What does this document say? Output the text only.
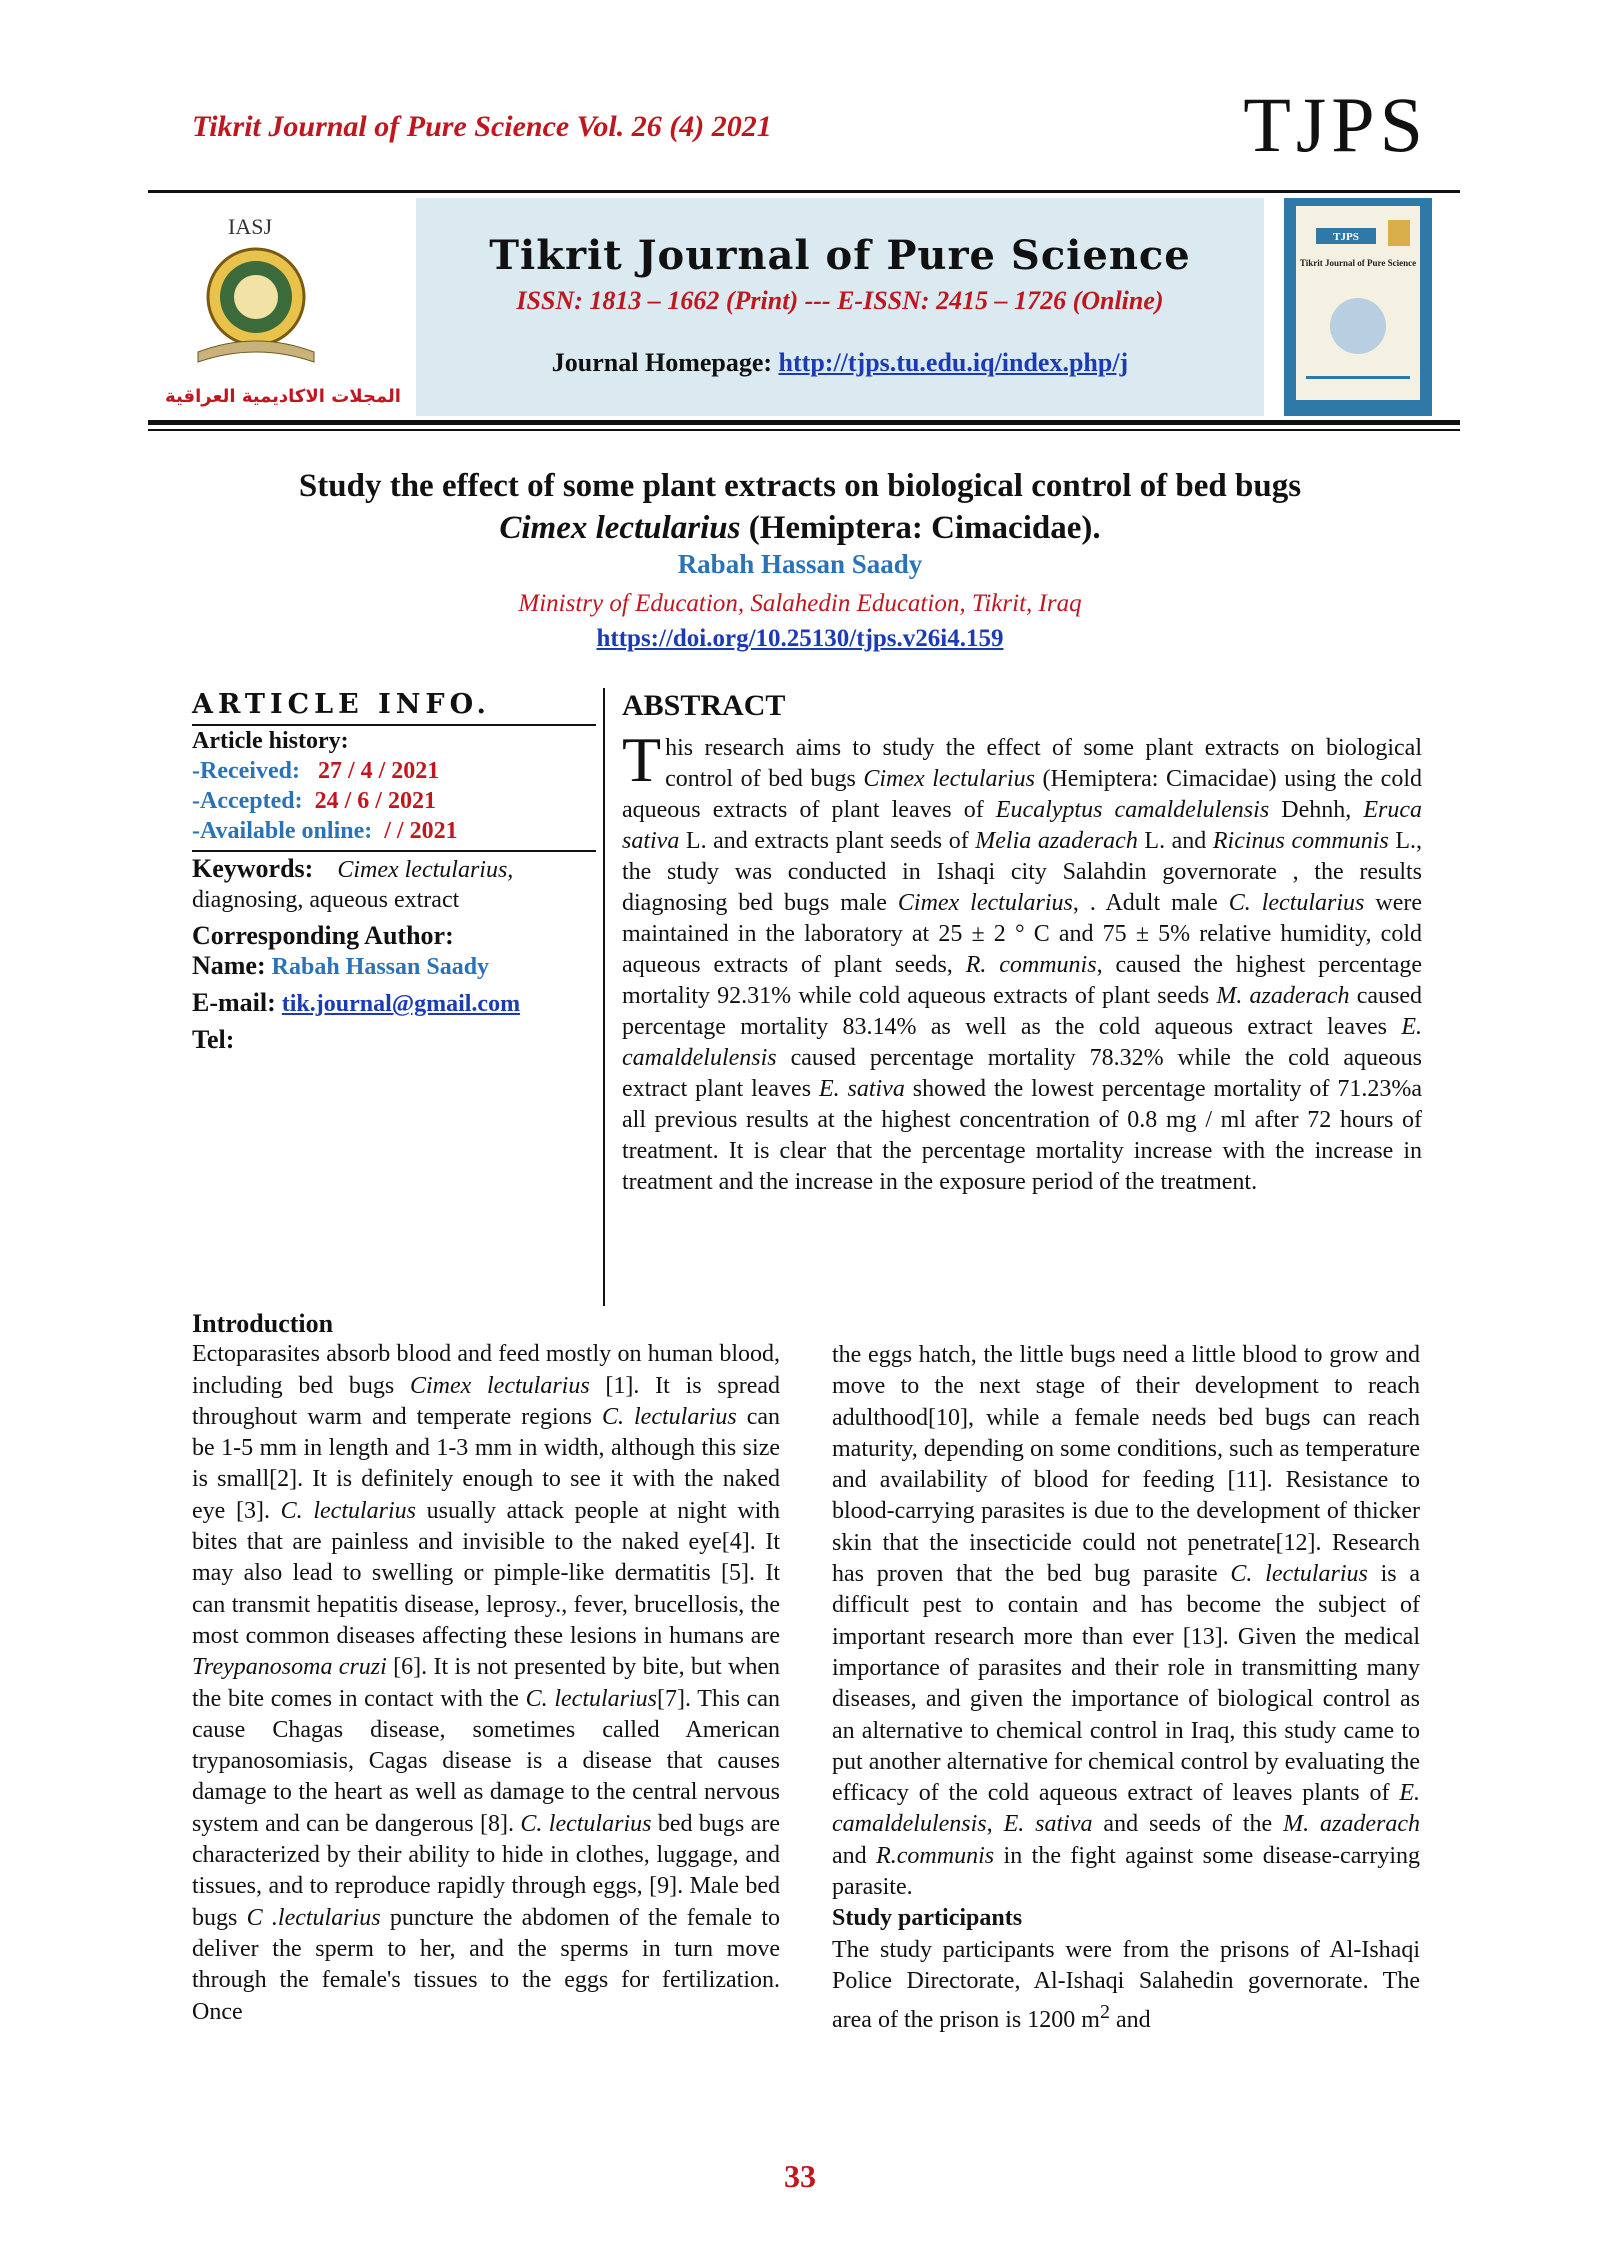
Tikrit Journal of Pure Science Vol. 26 (4) 2021	TJPS
IASJ
المجلات الاكاديمية العراقية
Tikrit Journal of Pure Science
ISSN: 1813 – 1662 (Print) --- E-ISSN: 2415 – 1726 (Online)
Journal Homepage: http://tjps.tu.edu.iq/index.php/j
TJPS
Tikrit Journal of Pure Science
Study the effect of some plant extracts on biological control of bed bugs
Cimex lectularius (Hemiptera: Cimacidae).
Rabah Hassan Saady
Ministry of Education, Salahedin Education, Tikrit, Iraq
https://doi.org/10.25130/tjps.v26i4.159
ARTICLE INFO.
Article history:
-Received: 27 / 4 / 2021
-Accepted: 24 / 6 / 2021
-Available online:  / / 2021
Keywords: Cimex lectularius,
diagnosing, aqueous extract
Corresponding Author:
Name: Rabah Hassan Saady
E-mail: tik.journal@gmail.com
Tel:
ABSTRACT
This research aims to study the effect of some plant extracts on biological control of bed bugs Cimex lectularius (Hemiptera: Cimacidae) using the cold aqueous extracts of plant leaves of Eucalyptus camaldelulensis Dehnh, Eruca sativa L. and extracts plant seeds of Melia azaderach L. and Ricinus communis L., the study was conducted in Ishaqi city Salahdin governorate , the results diagnosing bed bugs male Cimex lectularius, . Adult male C. lectularius were maintained in the laboratory at 25 ± 2 ° C and 75 ± 5% relative humidity, cold aqueous extracts of plant seeds, R. communis, caused the highest percentage mortality 92.31% while cold aqueous extracts of plant seeds M. azaderach caused percentage mortality 83.14% as well as the cold aqueous extract leaves E. camaldelulensis caused percentage mortality 78.32% while the cold aqueous extract plant leaves E. sativa showed the lowest percentage mortality of 71.23%a all previous results at the highest concentration of 0.8 mg / ml after 72 hours of treatment. It is clear that the percentage mortality increase with the increase in treatment and the increase in the exposure period of the treatment.
Introduction
Ectoparasites absorb blood and feed mostly on human blood, including bed bugs Cimex lectularius [1]. It is spread throughout warm and temperate regions C. lectularius can be 1-5 mm in length and 1-3 mm in width, although this size is small[2]. It is definitely enough to see it with the naked eye [3]. C. lectularius usually attack people at night with bites that are painless and invisible to the naked eye[4]. It may also lead to swelling or pimple-like dermatitis [5]. It can transmit hepatitis disease, leprosy., fever, brucellosis, the most common diseases affecting these lesions in humans are Treypanosoma cruzi [6]. It is not presented by bite, but when the bite comes in contact with the C. lectularius[7]. This can cause Chagas disease, sometimes called American trypanosomiasis, Cagas disease is a disease that causes damage to the heart as well as damage to the central nervous system and can be dangerous [8]. C. lectularius bed bugs are characterized by their ability to hide in clothes, luggage, and tissues, and to reproduce rapidly through eggs, [9]. Male bed bugs C .lectularius puncture the abdomen of the female to deliver the sperm to her, and the sperms in turn move through the female's tissues to the eggs for fertilization. Once
the eggs hatch, the little bugs need a little blood to grow and move to the next stage of their development to reach adulthood[10], while a female needs bed bugs can reach maturity, depending on some conditions, such as temperature and availability of blood for feeding [11]. Resistance to blood-carrying parasites is due to the development of thicker skin that the insecticide could not penetrate[12]. Research has proven that the bed bug parasite C. lectularius is a difficult pest to contain and has become the subject of important research more than ever [13]. Given the medical importance of parasites and their role in transmitting many diseases, and given the importance of biological control as an alternative to chemical control in Iraq, this study came to put another alternative for chemical control by evaluating the efficacy of the cold aqueous extract of leaves plants of E. camaldelulensis, E. sativa and seeds of the M. azaderach and R.communis in the fight against some disease-carrying parasite.
Study participants
The study participants were from the prisons of Al-Ishaqi Police Directorate, Al-Ishaqi Salahedin governorate. The area of the prison is 1200 $m^2$ and
33
